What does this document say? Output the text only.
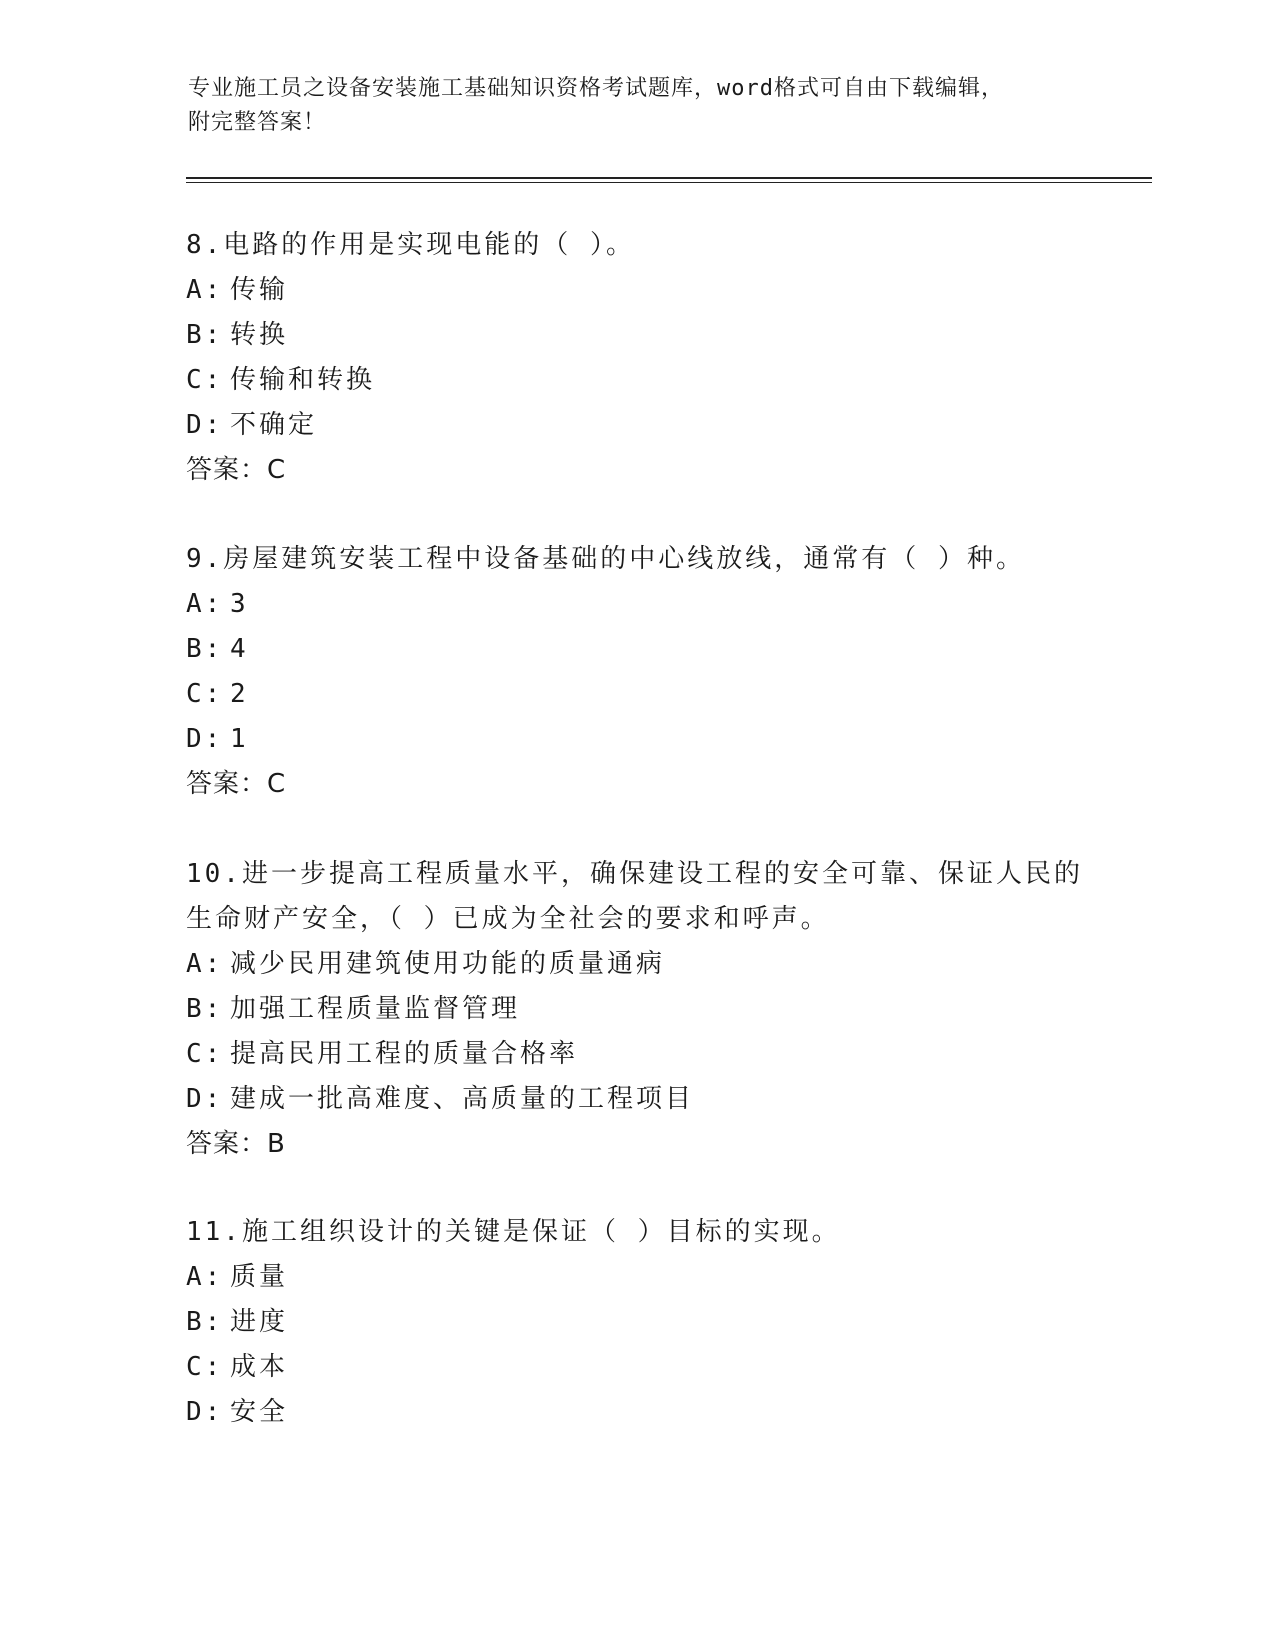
专业施工员之设备安装施工基础知识资格考试题库，word格式可自由下载编辑，
附完整答案！
8.电路的作用是实现电能的（ ）。
A: 传输
B: 转换
C: 传输和转换
D: 不确定
答案：C
9.房屋建筑安装工程中设备基础的中心线放线，通常有（ ）种。
A: 3
B: 4
C: 2
D: 1
答案：C
10.进一步提高工程质量水平，确保建设工程的安全可靠、保证人民的
生命财产安全，（ ）已成为全社会的要求和呼声。
A: 减少民用建筑使用功能的质量通病
B: 加强工程质量监督管理
C: 提高民用工程的质量合格率
D: 建成一批高难度、高质量的工程项目
答案：B
11.施工组织设计的关键是保证（ ）目标的实现。
A: 质量
B: 进度
C: 成本
D: 安全
